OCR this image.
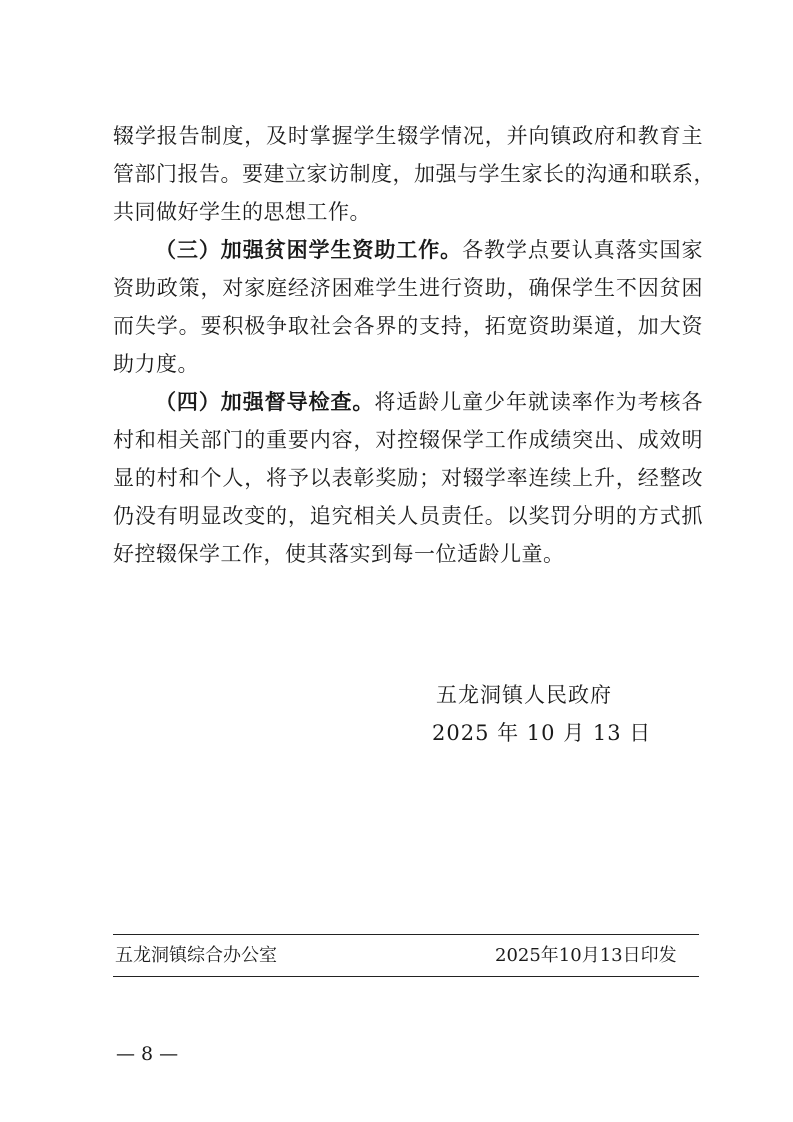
辍学报告制度，及时掌握学生辍学情况，并向镇政府和教育主
管部门报告。要建立家访制度，加强与学生家长的沟通和联系，
共同做好学生的思想工作。
（三）加强贫困学生资助工作。各教学点要认真落实国家
资助政策，对家庭经济困难学生进行资助，确保学生不因贫困
而失学。要积极争取社会各界的支持，拓宽资助渠道，加大资
助力度。
（四）加强督导检查。将适龄儿童少年就读率作为考核各
村和相关部门的重要内容，对控辍保学工作成绩突出、成效明
显的村和个人，将予以表彰奖励；对辍学率连续上升，经整改
仍没有明显改变的，追究相关人员责任。以奖罚分明的方式抓
好控辍保学工作，使其落实到每一位适龄儿童。
五龙洞镇人民政府
2025 年 10 月 13 日
五龙洞镇综合办公室	2025年10月13日印发
— 8 —
